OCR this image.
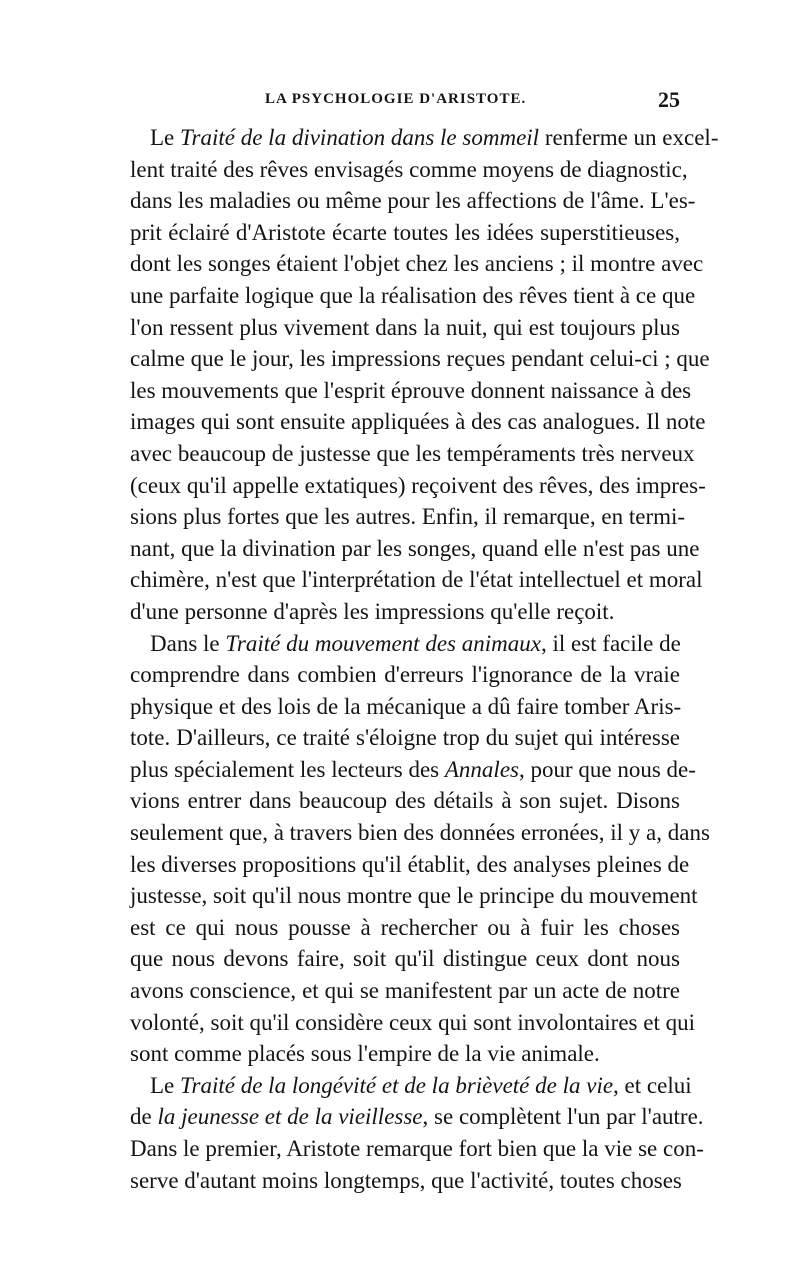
LA PSYCHOLOGIE D'ARISTOTE.	25
Le Traité de la divination dans le sommeil renferme un excel-
lent traité des rêves envisagés comme moyens de diagnostic,
dans les maladies ou même pour les affections de l'âme. L'es-
prit éclairé d'Aristote écarte toutes les idées superstitieuses,
dont les songes étaient l'objet chez les anciens ; il montre avec
une parfaite logique que la réalisation des rêves tient à ce que
l'on ressent plus vivement dans la nuit, qui est toujours plus
calme que le jour, les impressions reçues pendant celui-ci ; que
les mouvements que l'esprit éprouve donnent naissance à des
images qui sont ensuite appliquées à des cas analogues. Il note
avec beaucoup de justesse que les tempéraments très nerveux
(ceux qu'il appelle extatiques) reçoivent des rêves, des impres-
sions plus fortes que les autres. Enfin, il remarque, en termi-
nant, que la divination par les songes, quand elle n'est pas une
chimère, n'est que l'interprétation de l'état intellectuel et moral
d'une personne d'après les impressions qu'elle reçoit.
Dans le Traité du mouvement des animaux, il est facile de
comprendre dans combien d'erreurs l'ignorance de la vraie
physique et des lois de la mécanique a dû faire tomber Aris-
tote. D'ailleurs, ce traité s'éloigne trop du sujet qui intéresse
plus spécialement les lecteurs des Annales, pour que nous de-
vions entrer dans beaucoup des détails à son sujet. Disons
seulement que, à travers bien des données erronées, il y a, dans
les diverses propositions qu'il établit, des analyses pleines de
justesse, soit qu'il nous montre que le principe du mouvement
est ce qui nous pousse à rechercher ou à fuir les choses
que nous devons faire, soit qu'il distingue ceux dont nous
avons conscience, et qui se manifestent par un acte de notre
volonté, soit qu'il considère ceux qui sont involontaires et qui
sont comme placés sous l'empire de la vie animale.
Le Traité de la longévité et de la brièveté de la vie, et celui
de la jeunesse et de la vieillesse, se complètent l'un par l'autre.
Dans le premier, Aristote remarque fort bien que la vie se con-
serve d'autant moins longtemps, que l'activité, toutes choses
